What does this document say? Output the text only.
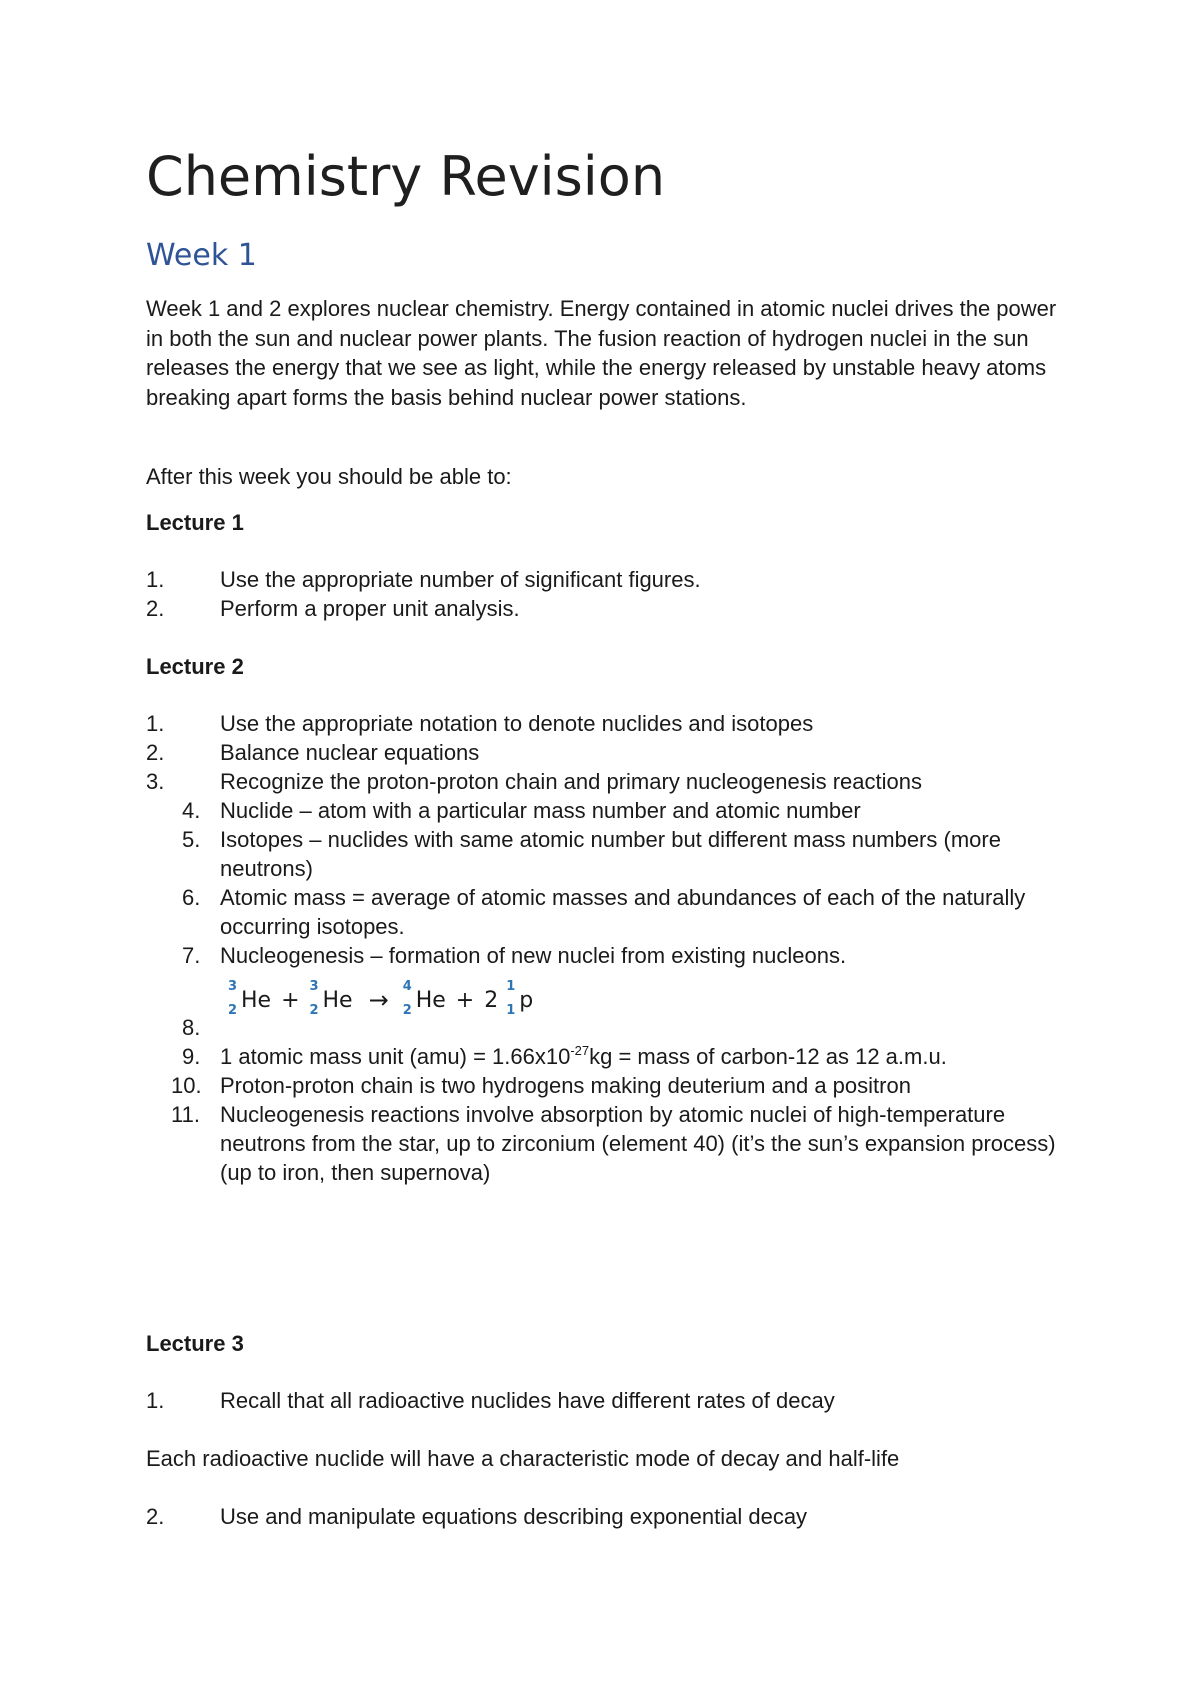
Chemistry Revision
Week 1

Week 1 and 2 explores nuclear chemistry. Energy contained in atomic nuclei drives the power in both the sun and nuclear power plants. The fusion reaction of hydrogen nuclei in the sun releases the energy that we see as light, while the energy released by unstable heavy atoms breaking apart forms the basis behind nuclear power stations.

After this week you should be able to:

Lecture 1

1.	Use the appropriate number of significant figures.
2.	Perform a proper unit analysis.

Lecture 2

1.	Use the appropriate notation to denote nuclides and isotopes
2.	Balance nuclear equations
3.	Recognize the proton-proton chain and primary nucleogenesis reactions
4. Nuclide – atom with a particular mass number and atomic number
5. Isotopes – nuclides with same atomic number but different mass numbers (more neutrons)
6. Atomic mass = average of atomic masses and abundances of each of the naturally occurring isotopes.
7. Nucleogenesis – formation of new nuclei from existing nucleons.
3
2 He +
3
2 He → 4
2 He + 2
1
1 p
8.
9. 1 atomic mass unit $(amu) = 1.66x10^{-27}kg$ = mass of carbon-12 as 12 a.m.u.
10. Proton-proton chain is two hydrogens making deuterium and a positron
11. Nucleogenesis reactions involve absorption by atomic nuclei of high-temperature neutrons from the star, up to zirconium (element 40) (it’s the sun’s expansion process) (up to iron, then supernova)

Lecture 3

1.	Recall that all radioactive nuclides have different rates of decay

Each radioactive nuclide will have a characteristic mode of decay and half-life

2.	Use and manipulate equations describing exponential decay
